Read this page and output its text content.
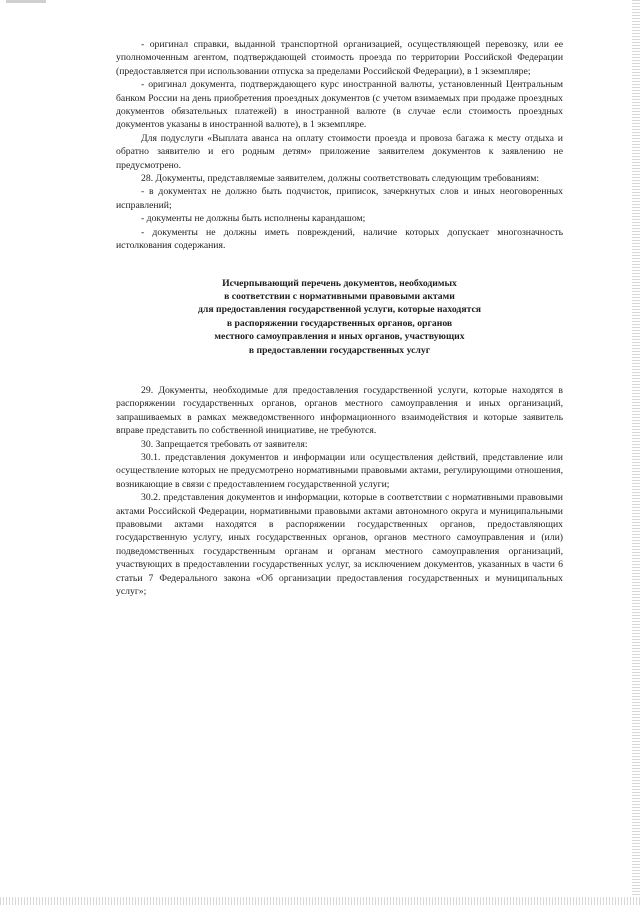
- оригинал справки, выданной транспортной организацией, осуществляющей перевозку, или ее уполномоченным агентом, подтверждающей стоимость проезда по территории Российской Федерации (предоставляется при использовании отпуска за пределами Российской Федерации), в 1 экземпляре;

- оригинал документа, подтверждающего курс иностранной валюты, установленный Центральным банком России на день приобретения проездных документов (с учетом взимаемых при продаже проездных документов обязательных платежей) в иностранной валюте (в случае если стоимость проездных документов указаны в иностранной валюте), в 1 экземпляре.

Для подуслуги «Выплата аванса на оплату стоимости проезда и провоза багажа к месту отдыха и обратно заявителю и его родным детям» приложение заявителем документов к заявлению не предусмотрено.

28. Документы, представляемые заявителем, должны соответствовать следующим требованиям:

- в документах не должно быть подчисток, приписок, зачеркнутых слов и иных неоговоренных исправлений;

- документы не должны быть исполнены карандашом;

- документы не должны иметь повреждений, наличие которых допускает многозначность истолкования содержания.

Исчерпывающий перечень документов, необходимых
в соответствии с нормативными правовыми актами
для предоставления государственной услуги, которые находятся
в распоряжении государственных органов, органов
местного самоуправления и иных органов, участвующих
в предоставлении государственных услуг

29. Документы, необходимые для предоставления государственной услуги, которые находятся в распоряжении государственных органов, органов местного самоуправления и иных организаций, запрашиваемых в рамках межведомственного информационного взаимодействия и которые заявитель вправе представить по собственной инициативе, не требуются.

30. Запрещается требовать от заявителя:

30.1. представления документов и информации или осуществления действий, представление или осуществление которых не предусмотрено нормативными правовыми актами, регулирующими отношения, возникающие в связи с предоставлением государственной услуги;

30.2. представления документов и информации, которые в соответствии с нормативными правовыми актами Российской Федерации, нормативными правовыми актами автономного округа и муниципальными правовыми актами находятся в распоряжении государственных органов, предоставляющих государственную услугу, иных государственных органов, органов местного самоуправления и (или) подведомственных государственным органам и органам местного самоуправления организаций, участвующих в предоставлении государственных услуг, за исключением документов, указанных в части 6 статьи 7 Федерального закона «Об организации предоставления государственных и муниципальных услуг»;
